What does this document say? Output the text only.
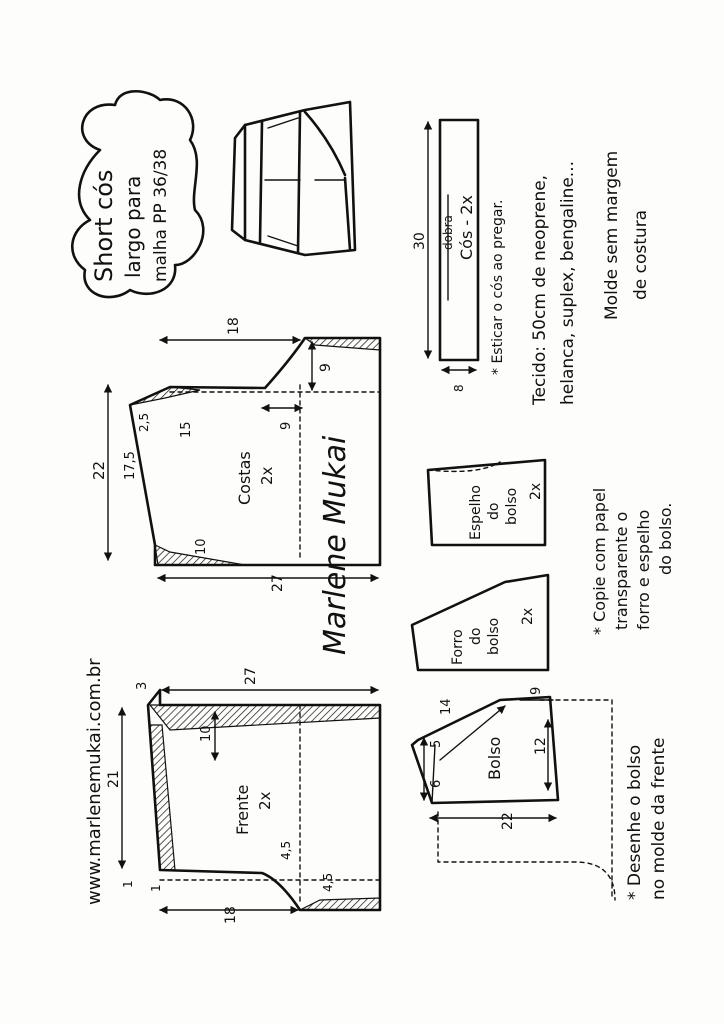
Short cós largo para malha PP 36/38	30
8
dobra Cós - 2x * Esticar o cós ao pregar. Tecido: 50cm de neoprene, helanca, suplex, bengaline... Molde sem margem de costura
Espelho do bolso 2x
Forro do bolso
2x	* Copie com papel transparente o forro e espelho do bolso.
14
9
5
6
Bolso 12
22	* Desenhe o bolso no molde da frente
18
9
2,5 15
22 17,5
10
9
27
Costas 2x Marlene Mukai
3
27
10
21
1
1
4,5
4,5
18
Frente 2x
www.marlenemukai.com.br
